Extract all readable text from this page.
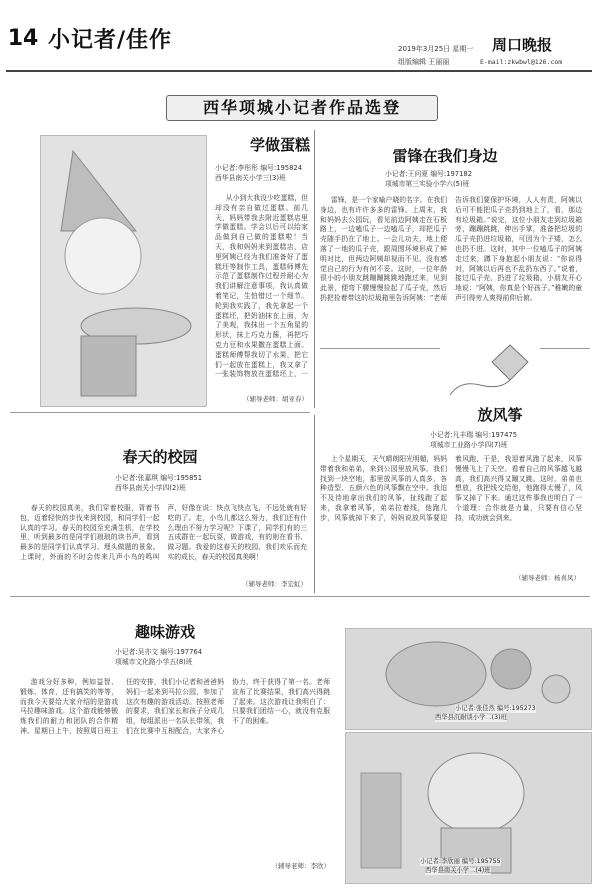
14 小记者/佳作	2019年3月25日 星期一 周口晚报
组版编辑 王丽丽	E-mail:zkwbwl@126.com
西华项城小记者作品选登
学做蛋糕
小记者:李彤彤 编号:195824
西华县南关小学三(3)班
从小到大我没少吃蛋糕，但却没有亲自做过蛋糕。前几天，妈妈带我去附近蛋糕店里学做蛋糕。学会以后可以给家品做到自己做的蛋糕啦！当天，我和妈妈来到蛋糕店，店里阿姨已经为我们准备好了蛋糕坯等制作工具，蛋糕师傅先示范了蛋糕制作过程并耐心为我们讲解注意事项，我认真做着笔记，生怕错过一个细节。轮到我实践了，我先拿起一个蛋糕坯，把奶油抹在上面，为了美观，我抹出一个五角星的形状，抹上巧克力酱，再把巧克力豆和水果撒在蛋糕上面。蛋糕师傅帮我切了水果，把它们一起放在蛋糕上，我又拿了一张装饰物放在蛋糕坯上，一
（辅导老师：胡亚春）
雷锋在我们身边
小记者:王问夏 编号:197182
项城市第三实验小学六(5)班
雷锋，是一个家喻户晓的名字。在我们身边，也有许许多多的雷锋。上周末，我和妈妈去公园玩，看见前边阿姨走在石板路上，一边嗑瓜子一边嗑瓜子，却把瓜子壳随手扔在了地上。一会儿功夫，地上便落了一地的瓜子壳，跟周围环境形成了鲜明对比，但两边阿姨却视而不见，没有感觉自己的行为有何不妥。这时，一位年龄很小的小朋友跳蹦蹦跳跳地跑过来，见到此景，便弯下腰慢慢捡起了瓜子壳，然后扔把捡着带这的垃圾箱里告诉阿姨：“老师告诉我们要保护环境，人人有责，阿姨以后可不能把瓜子壳扔到地上了，看，那边有垃圾箱。”说完，这位小朋友走到垃圾箱旁，蹦蹦跳跳，伸出手掌，准备把垃圾的瓜子壳扔进垃圾箱，可因为个子矮，怎么也扔不进。这时，其中一位嗑瓜子的阿姨走过来，蹲下身抱起小朋友说：“你说得对，阿姨以后再也不乱扔东西了。”说着，接过瓜子壳，扔进了垃圾箱。小朋友开心地说：“阿姨，你真是个好孩子。”稚嫩的童声引得旁人爽得前仰后俯。
放风筝
小记者:凡丰瑞 编号:197475
项城市工业路小学四(7)班
上个星期天，天气晴朗阳光明媚，妈妈带着我和弟弟，来到公园里放风筝。我们找到一块空地，那里放风筝的人真多，各种造型、五颜六色的风筝飘在空中。我迫不及待地拿出我们的风筝，扯线跑了起来，我拿着风筝，弟弟拉着线，他跑几步，风筝就掉下来了，妈妈说放风筝要迎着风跑，于是，我迎着风跑了起来，风筝慢慢飞上了天空。看着自己的风筝越飞越高，我们高兴得又蹦又跳。这时，弟弟也想放，我把线交给他，他跑得太慢了，风筝又掉了下来。通过这件事我也明白了一个道理：合作就是力量，只要有信心坚持，成功就会到来。
（辅导老师：杨喜凤）
春天的校园
小记者:张嘉琪 编号:195851
西华县南关小学四(2)班
春天的校园真美，我们穿着校服，背着书包，迈着轻快的步伐来到校园，和同学们一起认真的学习。春天的校园至充满生机，在学校里，听到最多的是同学们琅琅的读书声，看到最多的是同学们认真学习、埋头做题的景象。上课时，外面的不时会传来几声小鸟的鸣叫声，好像在说：快点飞快点飞，不远处就有好吃的了。走，小鸟儿都这么努力，我们还有什么理由不努力学习呢？下课了，同学们有的三五成群在一起玩耍，做游戏，有的则在看书、做习题。我爱的这春天的校园，我们欢乐而充实的成长，春天的校园真美啊！
（辅导老师：李宏虹）
趣味游戏
小记者:吴亦文 编号:197764
项城市文化路小学五(8)班
游戏分好多种，例如益智、锻炼、体育，还有搞笑的等等，而我今天要给大家介绍的是游戏马拉趣味游戏。这个游戏能够锻炼我们的耐力和团队的合作精神。星期日上午，按照周日班主任的安排，我们小记者和爸爸妈妈们一起来到马拉公园，参加了这次有趣的游戏活动。按照老师的要求，我们家长和孩子分成几组，每组派出一名队长带领，我们在比赛中互相配合，大家齐心协力，终于获得了第一名。老师宣布了比赛结果，我们高兴得跳了起来。这次游戏让我明白了：只要我们团结一心，就没有克服不了的困难。
（辅导老师：李欣）
小记者:张佳然 编号:195273
西华县沉耐谈小学二(3)班
小记者:李欣丽 编号:195755
西华县南关小学二(4)班
